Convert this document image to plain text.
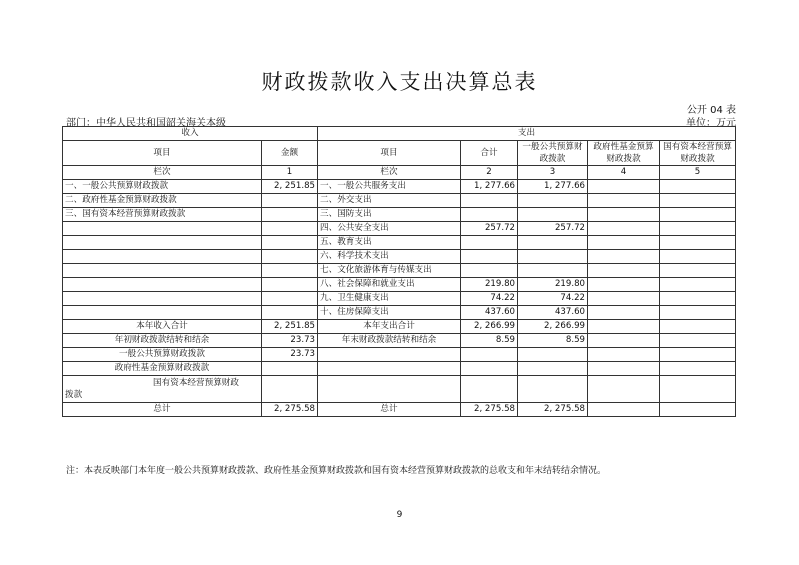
财政拨款收入支出决算总表
公开 04 表
部门：中华人民共和国韶关海关本级	单位：万元
收入		支出				
项目	金额	项目	合计	一般公共预算财政拨款	政府性基金预算财政拨款	国有资本经营预算财政拨款
栏次	1	栏次	2	3	4	5
一、一般公共预算财政拨款	2, 251.85	一、一般公共服务支出	1, 277.66	1, 277.66		
二、政府性基金预算财政拨款		二、外交支出				
三、国有资本经营预算财政拨款		三、国防支出				
		四、公共安全支出	257.72	257.72		
		五、教育支出				
		六、科学技术支出				
		七、文化旅游体育与传媒支出				
		八、社会保障和就业支出	219.80	219.80		
		九、卫生健康支出	74.22	74.22		
		十、住房保障支出	437.60	437.60		
本年收入合计	2, 251.85	本年支出合计	2, 266.99	2, 266.99		
年初财政拨款结转和结余	23.73	年末财政拨款结转和结余	8.59	8.59		
一般公共预算财政拨款	23.73					
政府性基金预算财政拨款						

国有资本经营预算财政
拨款						

总计	2, 275.58	总计	2, 275.58	2, 275.58		
注：本表反映部门本年度一般公共预算财政拨款、政府性基金预算财政拨款和国有资本经营预算财政拨款的总收支和年末结转结余情况。
9
